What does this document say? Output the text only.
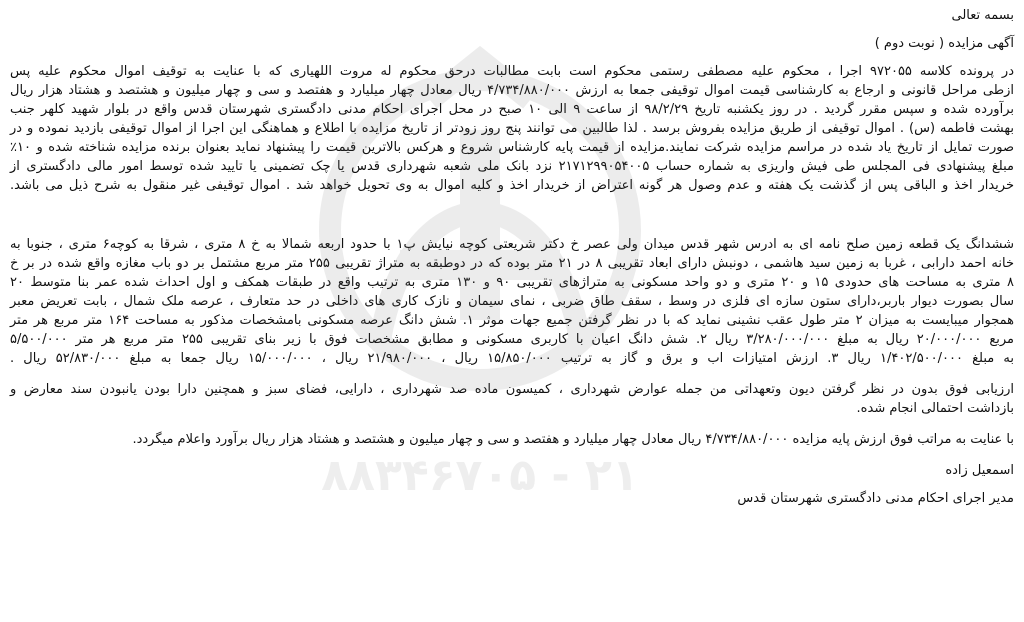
۲۱ - ۸۸۳۴۶۷۰۵

بسمه تعالی

آگهی مزایده ( نوبت دوم )

در پرونده کلاسه ۹۷۲۰۵۵ اجرا ، محکوم علیه مصطفی رستمی محکوم است بابت مطالبات درحق محکوم له مروت اللهیاری که با عنایت به توقیف اموال محکوم علیه پس

ازطی مراحل قانونی و ارجاع به کارشناسی قیمت اموال توقیفی جمعا به ارزش ۴/۷۳۴/۸۸۰/۰۰۰ ریال معادل چهار میلیارد و هفتصد و سی و چهار میلیون و هشتصد و هشتاد هزار ریال

برآورده شده و سپس مقرر گردید . در روز یکشنبه تاریخ ۹۸/۲/۲۹ از ساعت ۹ الی ۱۰ صبح در محل اجرای احکام مدنی دادگستری شهرستان قدس واقع در بلوار شهید کلهر جنب

بهشت فاطمه (س) . اموال توقیفی از طریق مزایده بفروش برسد . لذا طالبین می توانند پنج روز زودتر از تاریخ مزایده با اطلاع و هماهنگی این اجرا از اموال توقیفی بازدید نموده و در

صورت تمایل از تاریخ یاد شده در مراسم مزایده شرکت نمایند.مزایده از قیمت پایه کارشناس شروع و هرکس بالاترین قیمت را پیشنهاد نماید بعنوان برنده مزایده شناخته شده و ۱۰٪

مبلغ پیشنهادی فی المجلس طی فیش واریزی به شماره حساب ۲۱۷۱۲۹۹۰۵۴۰۰۵ نزد بانک ملی شعبه شهرداری قدس یا چک تضمینی یا تایید شده توسط امور مالی دادگستری از

خریدار اخذ و الباقی پس از گذشت یک هفته و عدم وصول هر گونه اعتراض از خریدار اخذ و کلیه اموال به وی تحویل خواهد شد . اموال توقیفی غیر منقول به شرح ذیل می باشد.

ششدانگ یک قطعه زمین صلح نامه ای به ادرس شهر قدس میدان ولی عصر خ دکتر شریعتی کوچه نیایش پ۱ با حدود اربعه شمالا به خ ۸ متری ، شرقا به کوچه۶ متری ، جنوبا به

خانه احمد دارابی ، غربا به زمین سید هاشمی ، دونبش دارای ابعاد تقریبی ۸ در ۲۱ متر بوده که در دوطبقه به متراژ تقریبی ۲۵۵ متر مربع مشتمل بر دو باب مغازه واقع شده در بر خ

۸ متری به مساحت های حدودی ۱۵ و ۲۰ متری و دو واحد مسکونی به متراژهای تقریبی ۹۰ و ۱۳۰ متری به ترتیب واقع در طبقات همکف و اول احداث شده عمر بنا متوسط ۲۰

سال بصورت دیوار باربر،دارای ستون سازه ای فلزی در وسط ، سقف طاق ضربی ، نمای سیمان و نازک کاری های داخلی در حد متعارف ، عرصه ملک شمال ، بابت تعریض معبر

همجوار میبایست به میزان ۲ متر طول عقب نشینی نماید که با در نظر گرفتن جمیع جهات موثر ۱. شش دانگ عرصه مسکونی بامشخصات مذکور به مساحت ۱۶۴ متر مربع هر متر

مربع ۲۰/۰۰۰/۰۰۰ ریال به مبلغ ۳/۲۸۰/۰۰۰/۰۰۰ ریال ۲. شش دانگ اعیان با کاربری مسکونی و مطابق مشخصات فوق با زیر بنای تقریبی ۲۵۵ متر مربع هر متر ۵/۵۰۰/۰۰۰

به مبلغ ۱/۴۰۲/۵۰۰/۰۰۰ ریال ۳. ارزش امتیازات اب و برق و گاز به ترتیب ۱۵/۸۵۰/۰۰۰ ریال ، ۲۱/۹۸۰/۰۰۰ ریال ، ۱۵/۰۰۰/۰۰۰ ریال جمعا به مبلغ ۵۲/۸۳۰/۰۰۰ ریال .

ارزیابی فوق بدون در نظر گرفتن دیون وتعهداتی من جمله عوارض شهرداری ، کمیسون ماده صد شهرداری ، دارایی، فضای سبز و همچنین دارا بودن یانبودن سند معارض و

بازداشت احتمالی انجام شده.

با عنایت به مراتب فوق ارزش پایه مزایده ۴/۷۳۴/۸۸۰/۰۰۰ ریال معادل چهار میلیارد و هفتصد و سی و چهار میلیون و هشتصد و هشتاد هزار ریال برآورد واعلام میگردد.

اسمعیل زاده

مدیر اجرای احکام مدنی دادگستری شهرستان قدس
